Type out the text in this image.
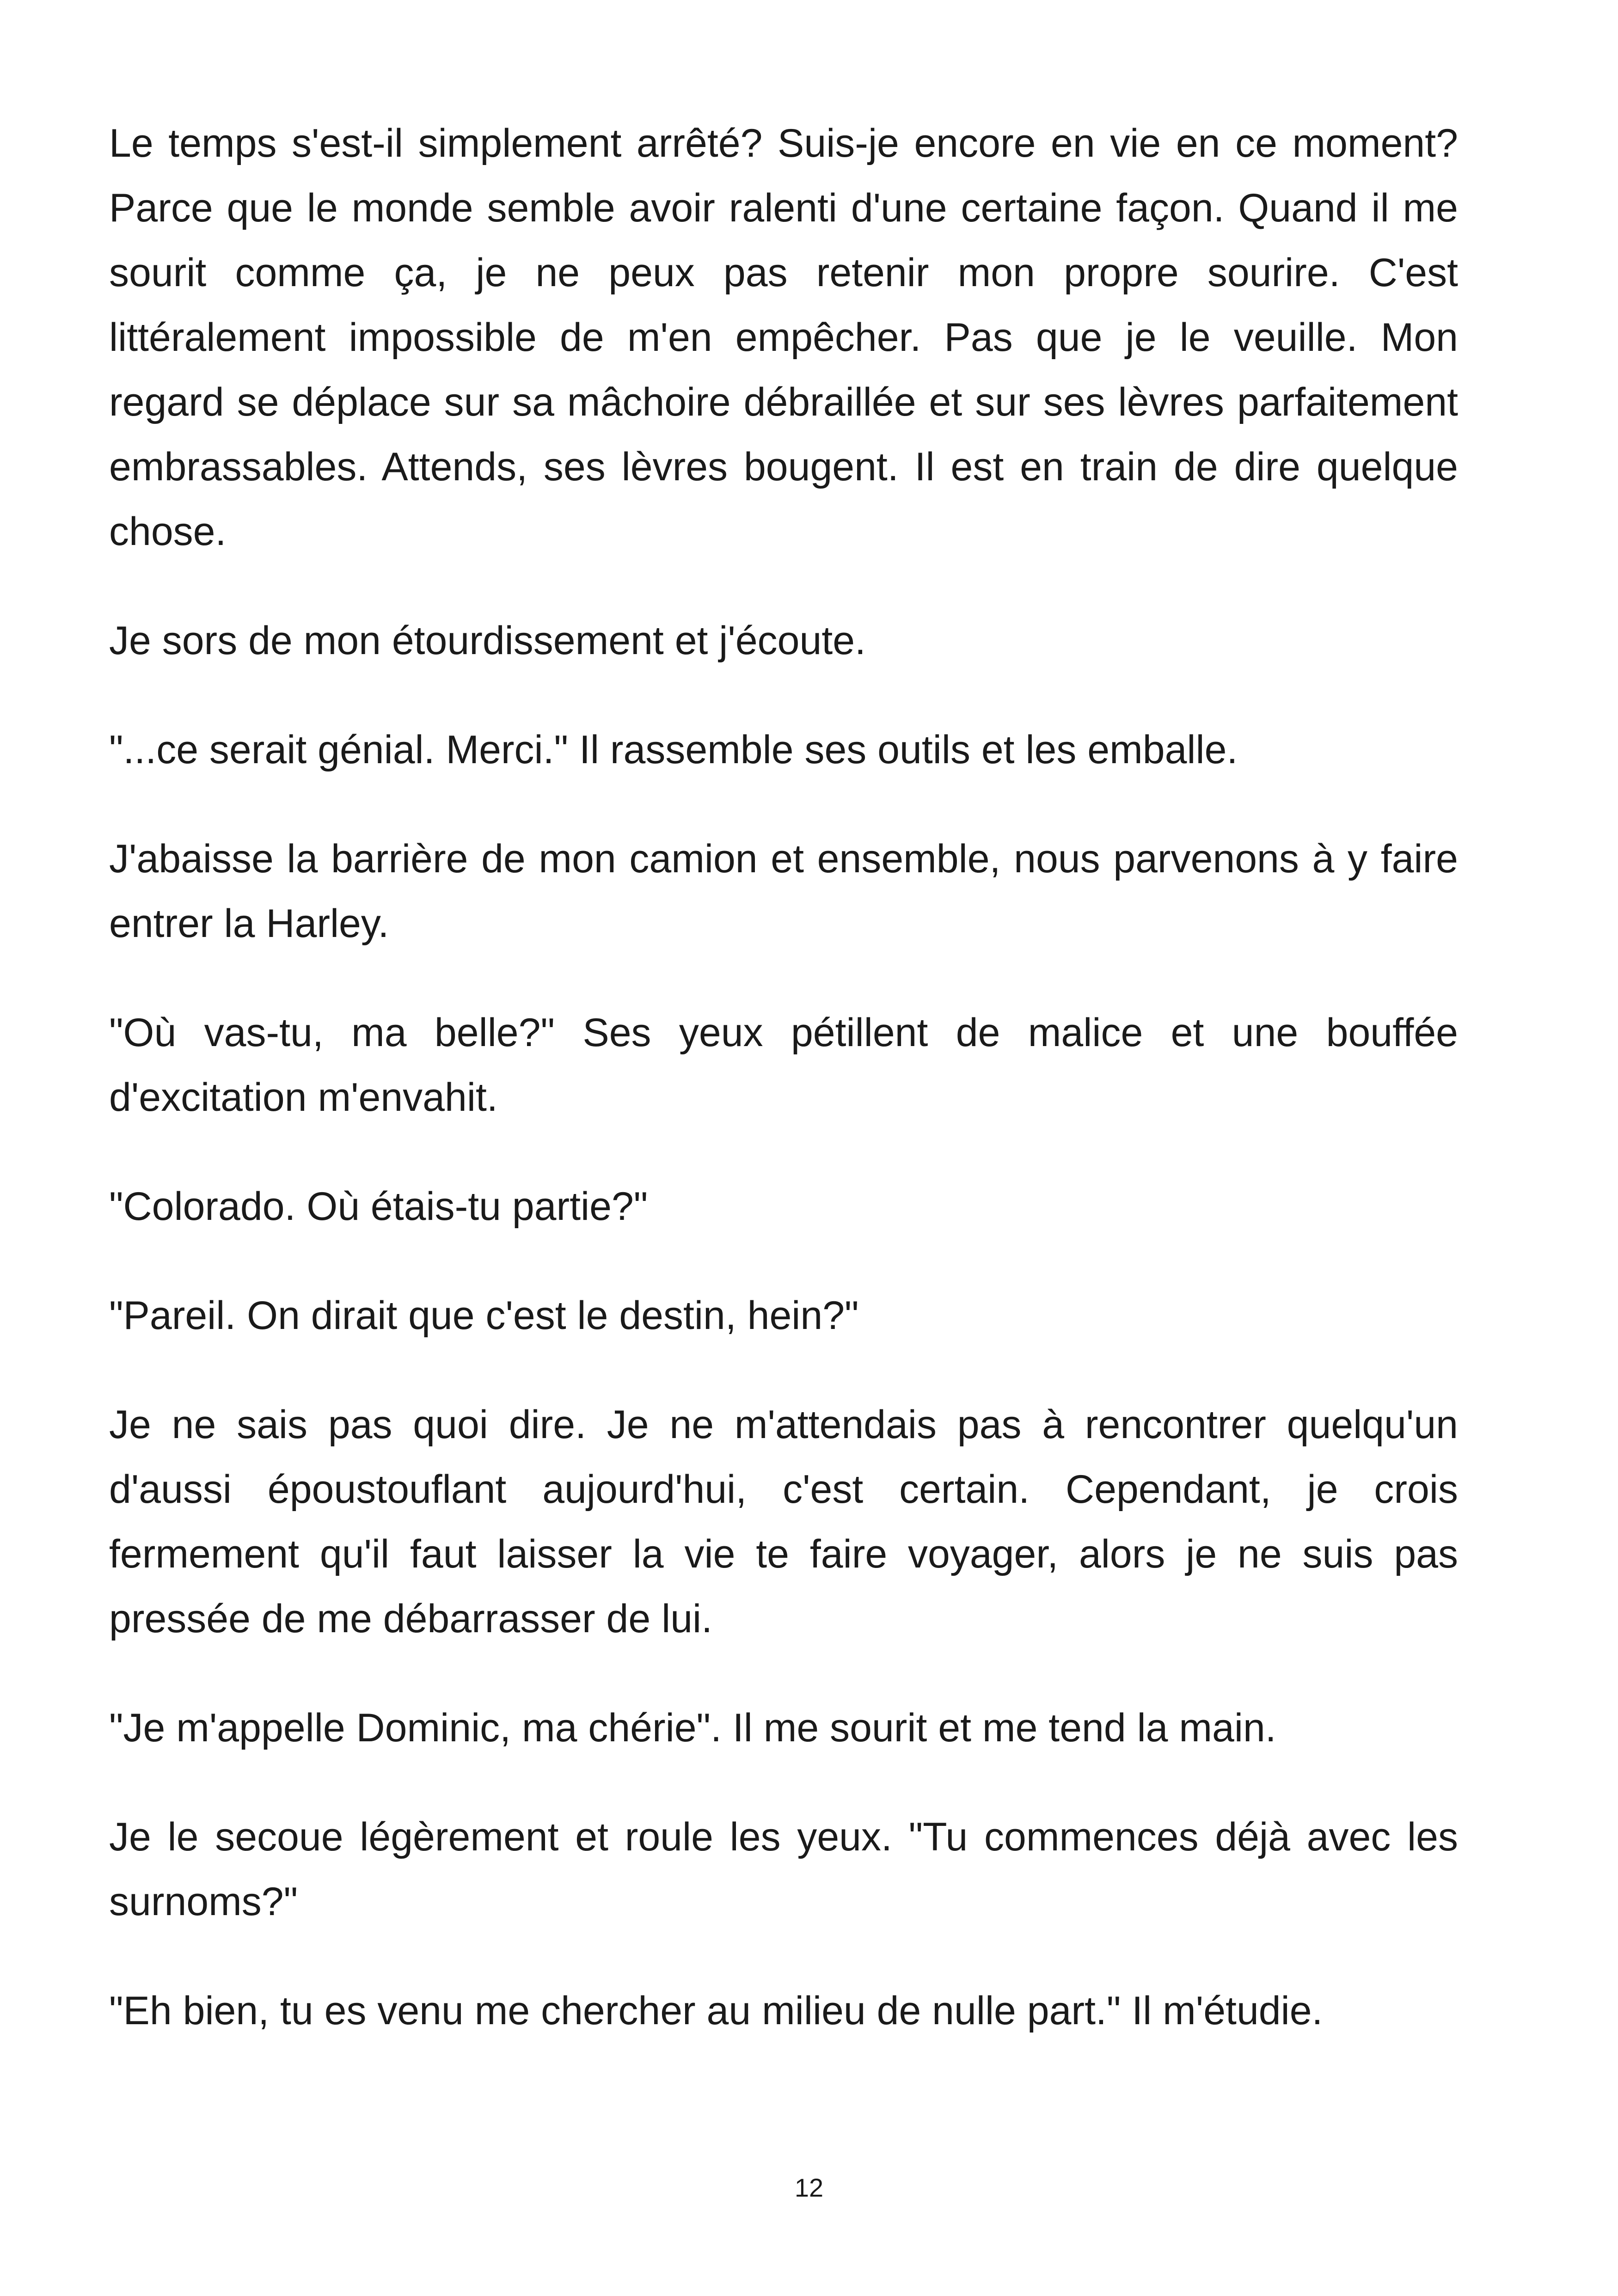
Le temps s'est-il simplement arrêté? Suis-je encore en vie en ce moment? Parce que le monde semble avoir ralenti d'une certaine façon. Quand il me sourit comme ça, je ne peux pas retenir mon propre sourire. C'est littéralement impossible de m'en empêcher. Pas que je le veuille. Mon regard se déplace sur sa mâchoire débraillée et sur ses lèvres parfaitement embrassables. Attends, ses lèvres bougent. Il est en train de dire quelque chose.

Je sors de mon étourdissement et j'écoute.

"...ce serait génial. Merci." Il rassemble ses outils et les emballe.

J'abaisse la barrière de mon camion et ensemble, nous parvenons à y faire entrer la Harley.

"Où vas-tu, ma belle?" Ses yeux pétillent de malice et une bouffée d'excitation m'envahit.

"Colorado. Où étais-tu partie?"

"Pareil. On dirait que c'est le destin, hein?"

Je ne sais pas quoi dire. Je ne m'attendais pas à rencontrer quelqu'un d'aussi époustouflant aujourd'hui, c'est certain. Cependant, je crois fermement qu'il faut laisser la vie te faire voyager, alors je ne suis pas pressée de me débarrasser de lui.

"Je m'appelle Dominic, ma chérie". Il me sourit et me tend la main.

Je le secoue légèrement et roule les yeux. "Tu commences déjà avec les surnoms?"

"Eh bien, tu es venu me chercher au milieu de nulle part." Il m'étudie.

12
